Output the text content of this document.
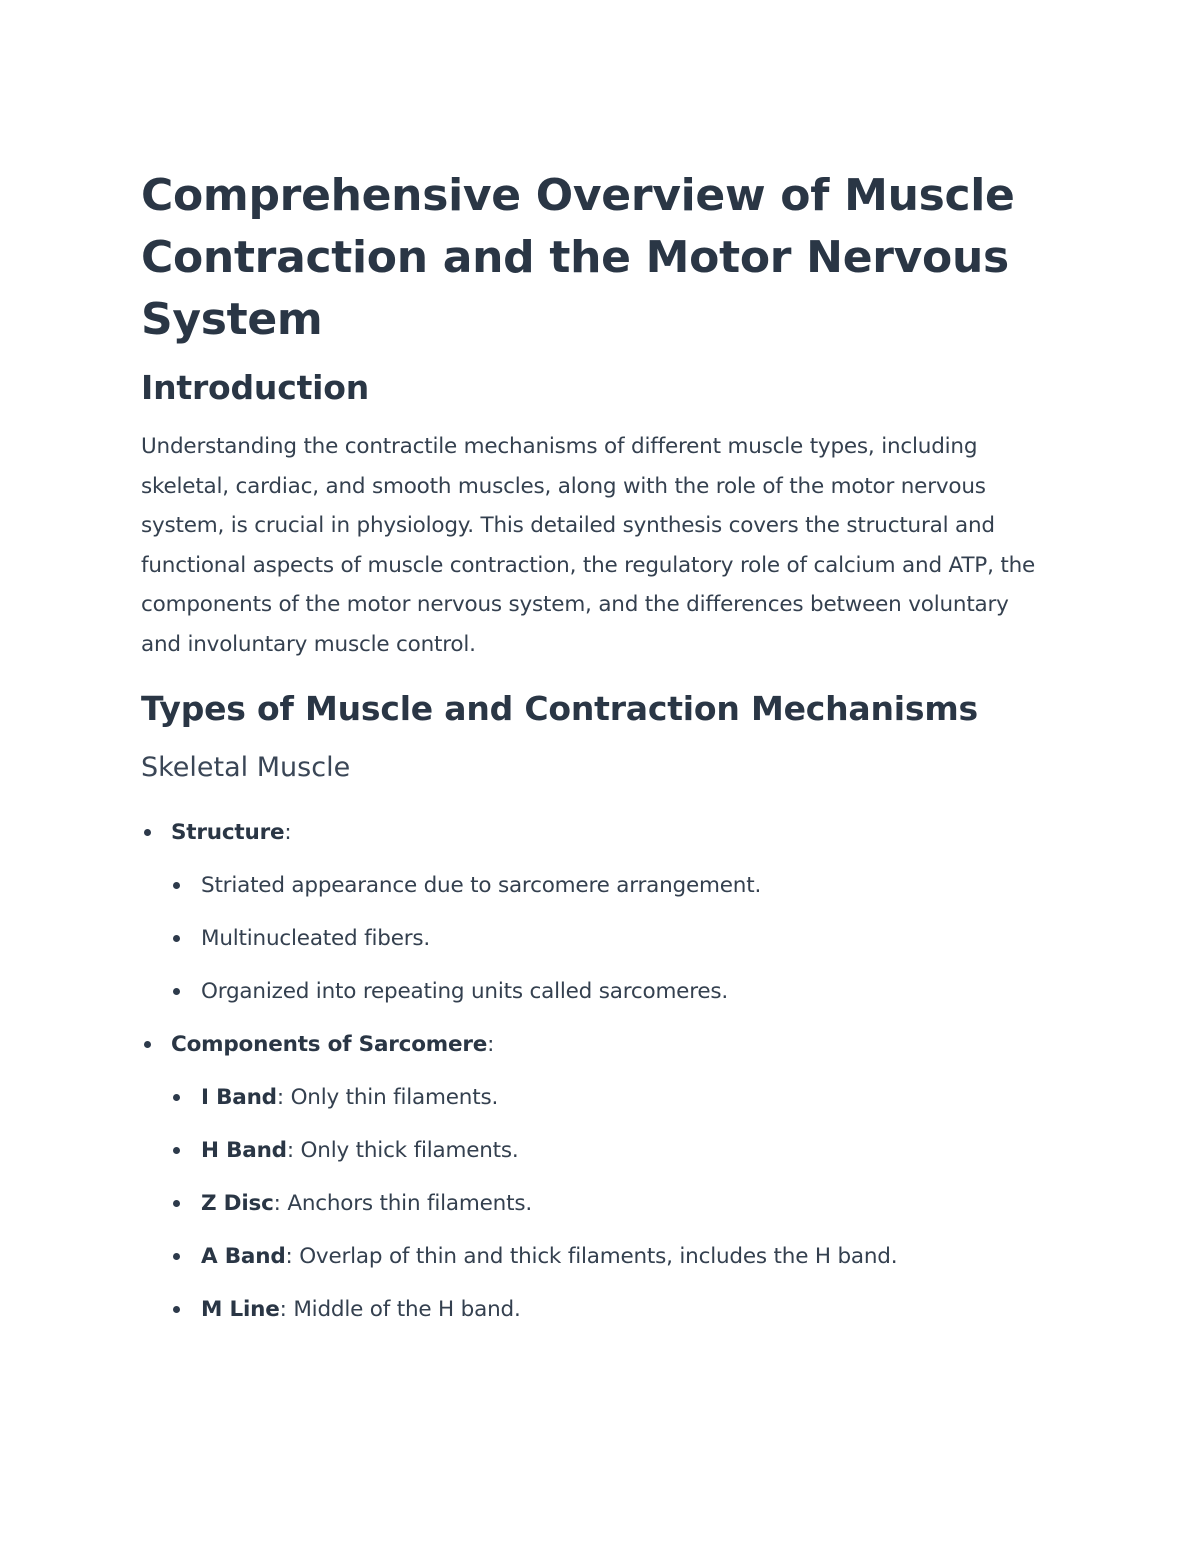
Comprehensive Overview of Muscle Contraction and the Motor Nervous System
Introduction

Understanding the contractile mechanisms of different muscle types, including skeletal, cardiac, and smooth muscles, along with the role of the motor nervous system, is crucial in physiology. This detailed synthesis covers the structural and functional aspects of muscle contraction, the regulatory role of calcium and ATP, the components of the motor nervous system, and the differences between voluntary and involuntary muscle control.

Types of Muscle and Contraction Mechanisms
Skeletal Muscle
Structure:
Striated appearance due to sarcomere arrangement.
Multinucleated fibers.
Organized into repeating units called sarcomeres.
Components of Sarcomere:
I Band: Only thin filaments.
H Band: Only thick filaments.
Z Disc: Anchors thin filaments.
A Band: Overlap of thin and thick filaments, includes the H band.
M Line: Middle of the H band.
